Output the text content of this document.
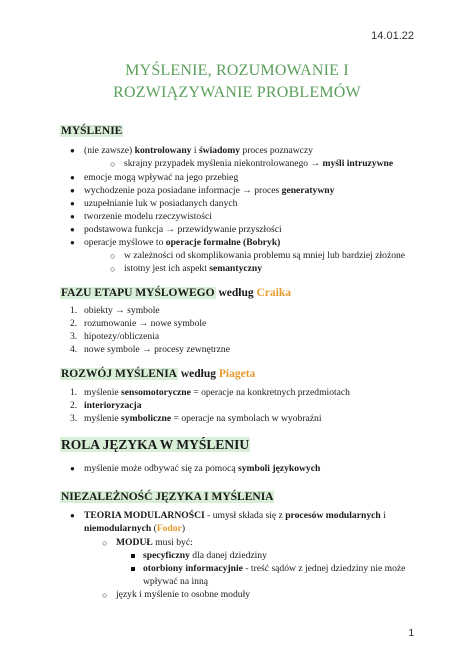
14.01.22
MYŚLENIE, ROZUMOWANIE I
ROZWIĄZYWANIE PROBLEMÓW
MYŚLENIE
● (nie zawsze) kontrolowany i świadomy proces poznawczy
○ skrajny przypadek myślenia niekontrolowanego → myśli intruzywne
● emocje mogą wpływać na jego przebieg
● wychodzenie poza posiadane informacje → proces generatywny
● uzupełnianie luk w posiadanych danych
● tworzenie modelu rzeczywistości
● podstawowa funkcja → przewidywanie przyszłości
● operacje myślowe to operacje formalne (Bobryk)
○ w zależności od skomplikowania problemu są mniej lub bardziej złożone
○ istotny jest ich aspekt semantyczny
FAZU ETAPU MYŚLOWEGO według Craika
1. obiekty → symbole
2. rozumowanie → nowe symbole
3. hipotezy/obliczenia
4. nowe symbole → procesy zewnętrzne
ROZWÓJ MYŚLENIA według Piageta
1. myślenie sensomotoryczne = operacje na konkretnych przedmiotach
2. interioryzacja
3. myślenie symboliczne = operacje na symbolach w wyobraźni
ROLA JĘZYKA W MYŚLENIU
● myślenie może odbywać się za pomocą symboli językowych
NIEZALEŻNOŚĆ JĘZYKA I MYŚLENIA
● TEORIA MODULARNOŚCI - umysł składa się z procesów modularnych i
niemodularnych (Fodor)
○ MODUŁ musi być:
specyficzny dla danej dziedziny
otorbiony informacyjnie - treść sądów z jednej dziedziny nie może
wpływać na inną
○ język i myślenie to osobne moduły
1
